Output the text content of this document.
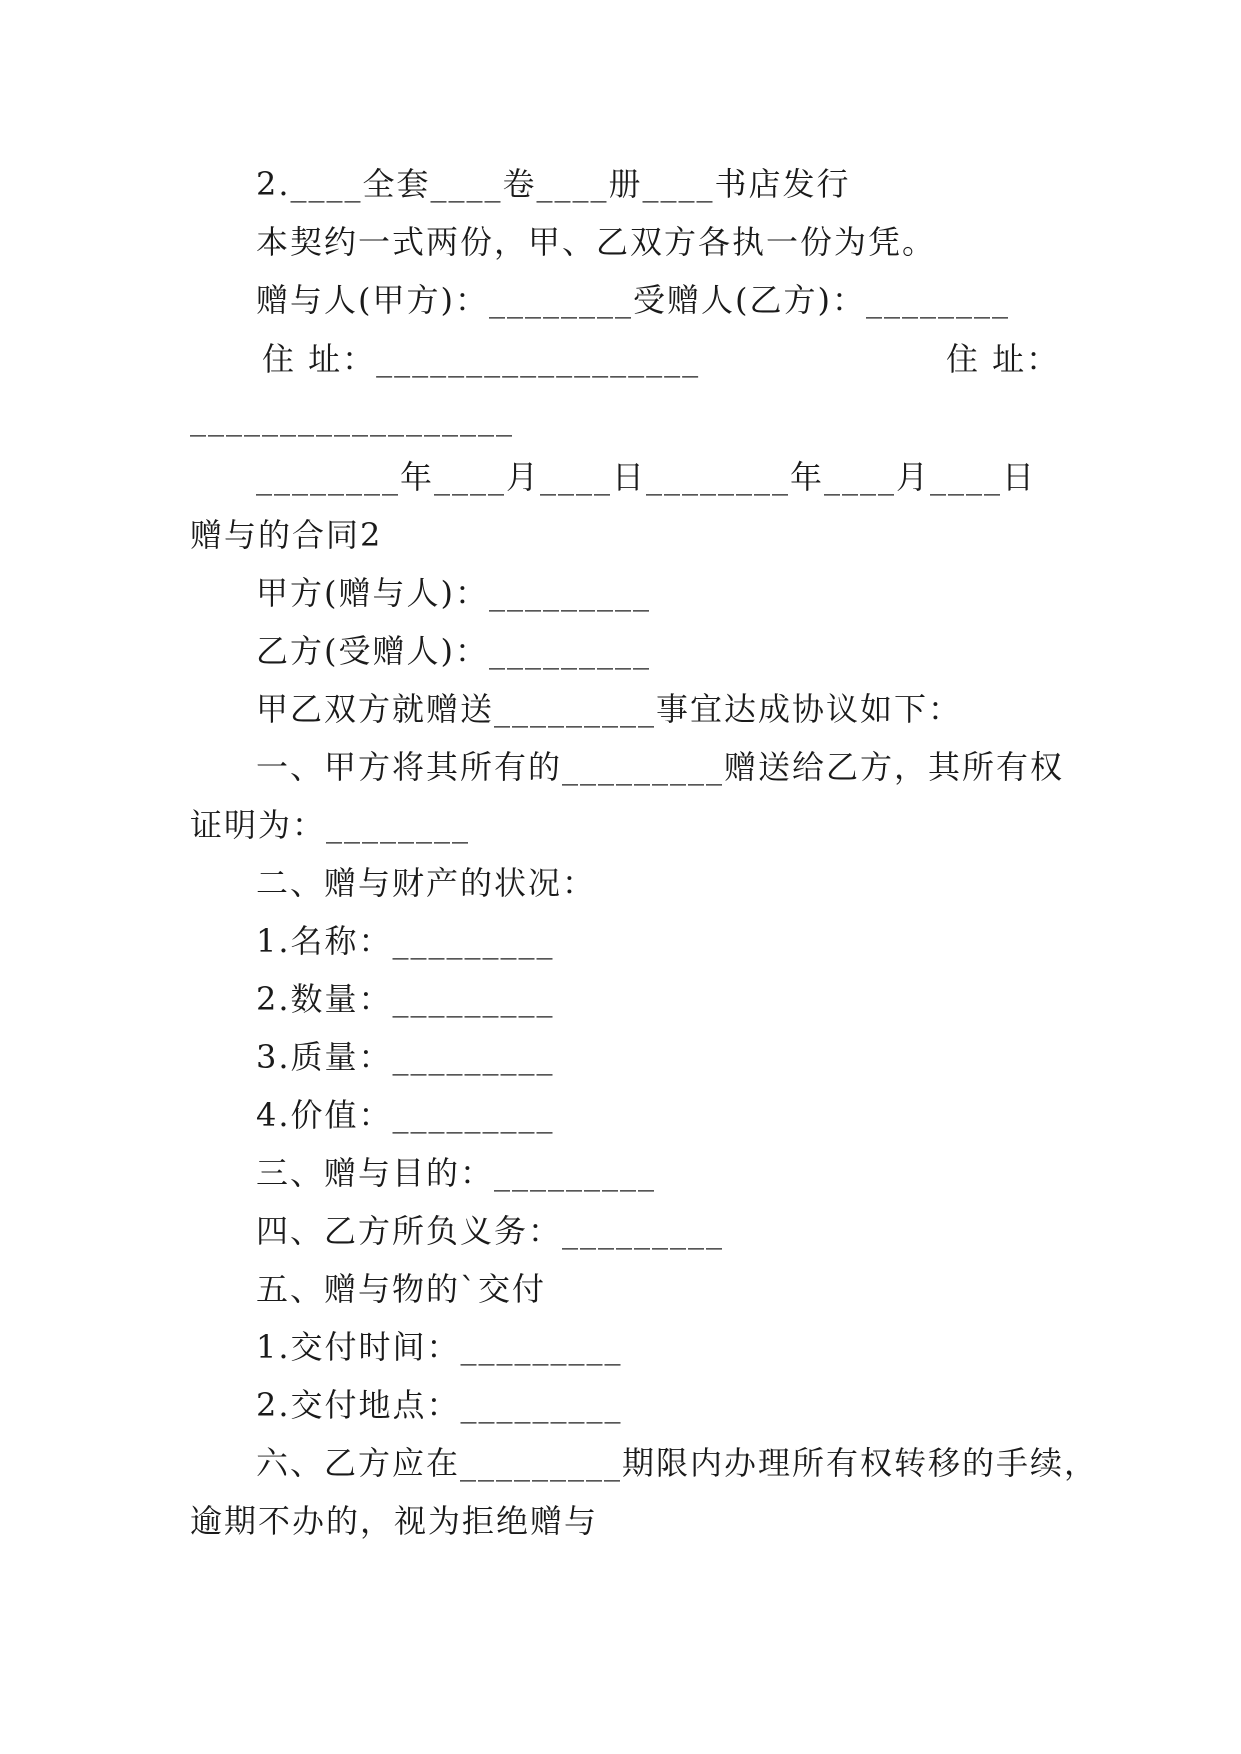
2.____全套____卷____册____书店发行
本契约一式两份，甲、乙双方各执一份为凭。
赠与人(甲方)：________受赠人(乙方)：________
住 址：__________________	住 址：
__________________
________年____月____日________年____月____日
赠与的合同2
甲方(赠与人)：_________
乙方(受赠人)：_________
甲乙双方就赠送_________事宜达成协议如下：
一、甲方将其所有的_________赠送给乙方，其所有权
证明为：________
二、赠与财产的状况：
1.名称：_________
2.数量：_________
3.质量：_________
4.价值：_________
三、赠与目的：_________
四、乙方所负义务：_________
五、赠与物的`交付
1.交付时间：_________
2.交付地点：_________
六、乙方应在_________期限内办理所有权转移的手续，
逾期不办的，视为拒绝赠与
